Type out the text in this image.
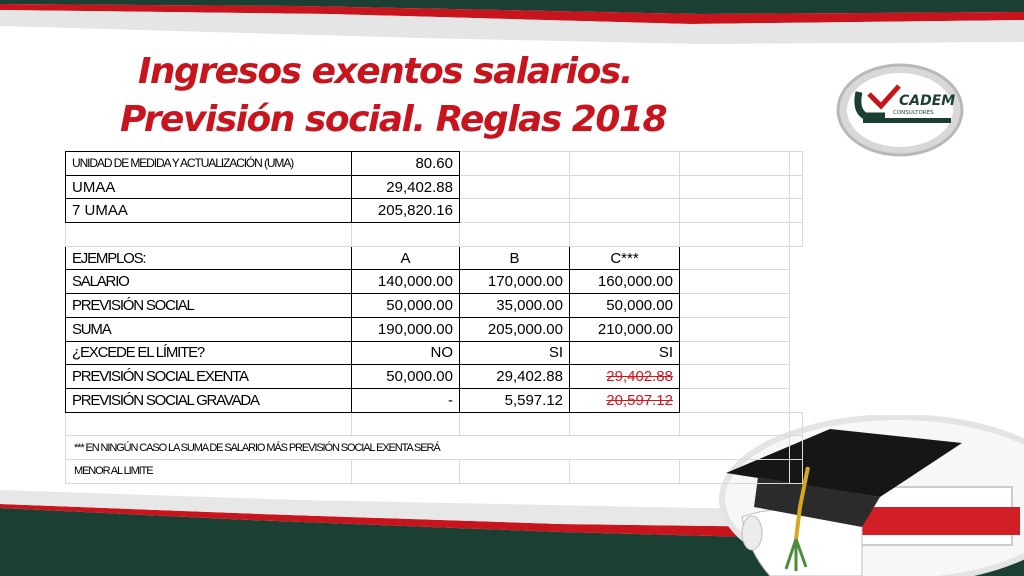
Ingresos exentos salarios.
Previsión social. Reglas 2018	CADEM
CONSULTORES
UNIDAD DE MEDIDA Y ACTUALIZACIÓN (UMA)	80.60				
UMAA	29,402.88				
7 UMAA	205,820.16				

EJEMPLOS:	A	B	C***		
SALARIO	140,000.00	170,000.00	160,000.00		
PREVISIÓN SOCIAL	50,000.00	35,000.00	50,000.00		
SUMA	190,000.00	205,000.00	210,000.00		
¿EXCEDE EL LÍMITE?	NO	SI	SI		
PREVISIÓN SOCIAL EXENTA	50,000.00	29,402.88	29,402.88		
PREVISIÓN SOCIAL GRAVADA	-	5,597.12	20,597.12		

*** EN NINGÚN CASO LA SUMA DE SALARIO MÁS PREVISIÓN SOCIAL EXENTA SERÁ					
MENOR AL LIMITE					
